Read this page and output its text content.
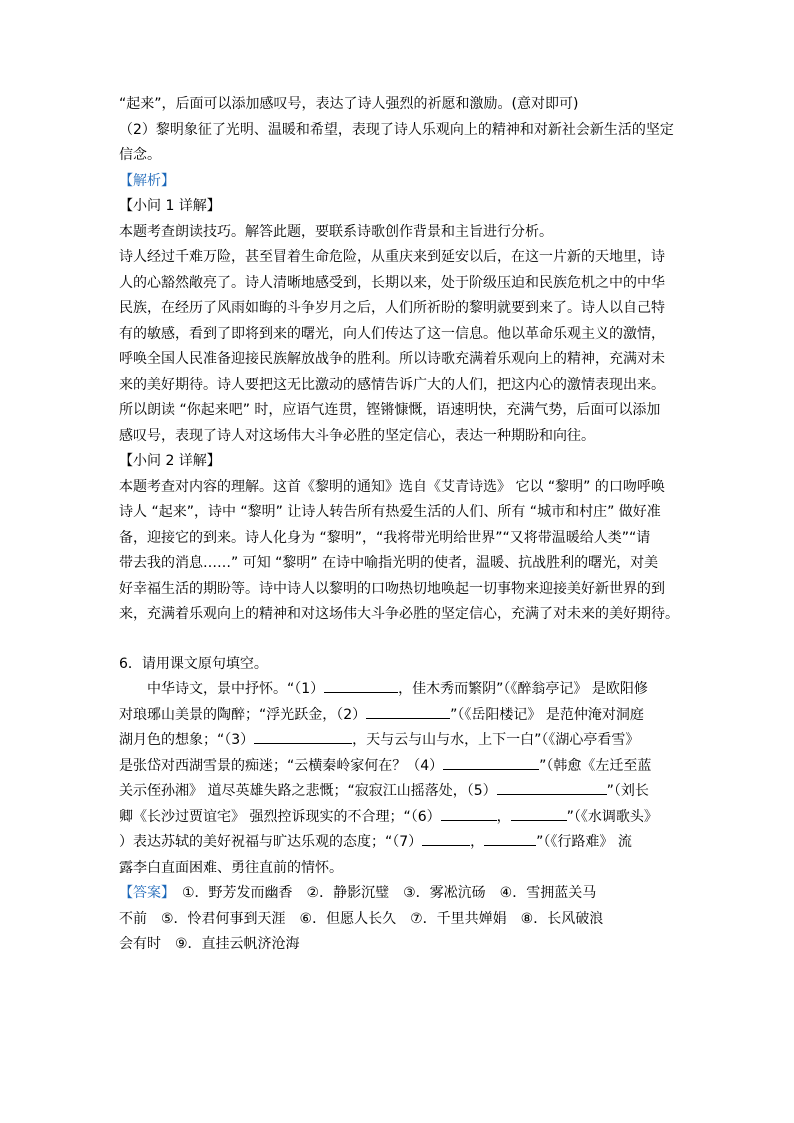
“起来”，后面可以添加感叹号，表达了诗人强烈的祈愿和激励。(意对即可)

（2）黎明象征了光明、温暖和希望，表现了诗人乐观向上的精神和对新社会新生活的坚定

信念。

【解析】

【小问 1 详解】

本题考查朗读技巧。解答此题，要联系诗歌创作背景和主旨进行分析。

诗人经过千难万险，甚至冒着生命危险，从重庆来到延安以后，在这一片新的天地里，诗

人的心豁然敞亮了。诗人清晰地感受到，长期以来，处于阶级压迫和民族危机之中的中华

民族，在经历了风雨如晦的斗争岁月之后，人们所祈盼的黎明就要到来了。诗人以自己特

有的敏感，看到了即将到来的曙光，向人们传达了这一信息。他以革命乐观主义的激情，

呼唤全国人民准备迎接民族解放战争的胜利。所以诗歌充满着乐观向上的精神，充满对未

来的美好期待。诗人要把这无比激动的感情告诉广大的人们，把这内心的激情表现出来。

所以朗读 “你起来吧” 时，应语气连贯，铿锵慷慨，语速明快，充满气势，后面可以添加

感叹号，表现了诗人对这场伟大斗争必胜的坚定信心，表达一种期盼和向往。

【小问 2 详解】

本题考查对内容的理解。这首《黎明的通知》选自《艾青诗选》 它以 “黎明” 的口吻呼唤

诗人 “起来”，诗中 “黎明” 让诗人转告所有热爱生活的人们、所有 “城市和村庄” 做好准

备，迎接它的到来。诗人化身为 “黎明”，“我将带光明给世界”“又将带温暖给人类”“请

带去我的消息……” 可知 “黎明” 在诗中喻指光明的使者，温暖、抗战胜利的曙光，对美

好幸福生活的期盼等。诗中诗人以黎明的口吻热切地唤起一切事物来迎接美好新世界的到

来，充满着乐观向上的精神和对这场伟大斗争必胜的坚定信心，充满了对未来的美好期待。

6．请用课文原句填空。

中华诗文，景中抒怀。“（1）	，佳木秀而繁阴”（《醉翁亭记》 是欧阳修

对琅琊山美景的陶醉；“浮光跃金，（2）	”（《岳阳楼记》 是范仲淹对洞庭

湖月色的想象；“（3）	，天与云与山与水，上下一白”（《湖心亭看雪》

是张岱对西湖雪景的痴迷；“云横秦岭家何在？（4）	”（韩愈《左迁至蓝

关示侄孙湘》 道尽英雄失路之悲慨；“寂寂江山摇落处，（5）	”（刘长

卿《长沙过贾谊宅》 强烈控诉现实的不合理；“（6）	，	”（《水调歌头》

）表达苏轼的美好祝福与旷达乐观的态度；“（7）	，	”（《行路难》 流

露李白直面困难、勇往直前的情怀。

【答案】　 ①．野芳发而幽香　②．静影沉璧　③．雾凇沆砀　④．雪拥蓝关马

不前　⑤．怜君何事到天涯　⑥．但愿人长久　⑦．千里共婵娟　⑧．长风破浪

会有时　⑨．直挂云帆济沧海
